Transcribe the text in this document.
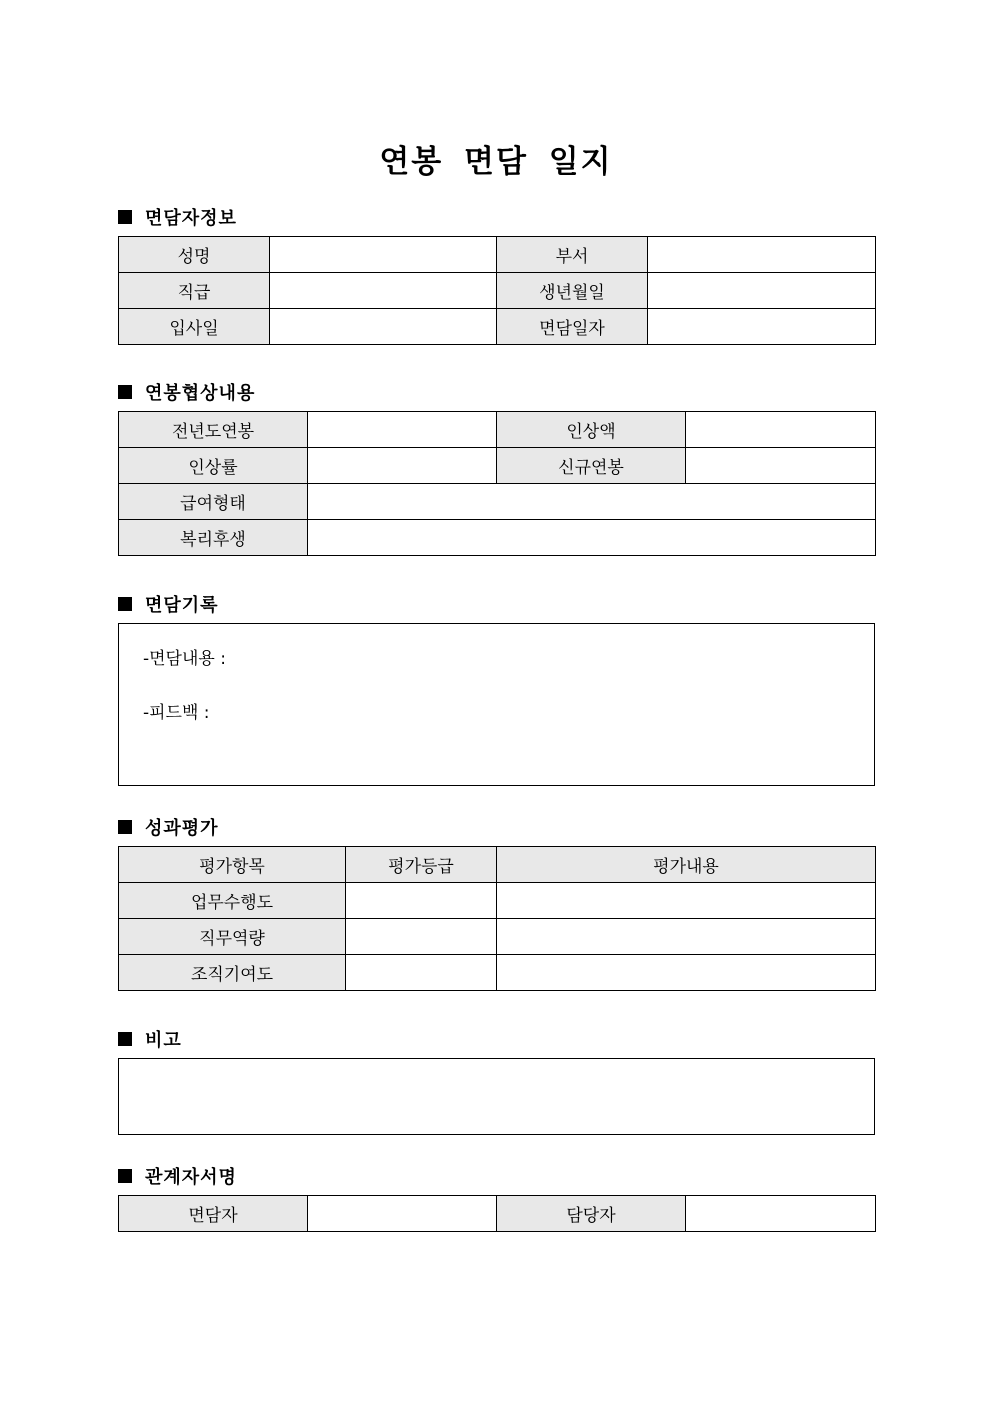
연봉 면담 일지
면담자정보
성명		부서	
직급		생년월일	
입사일		면담일자	
연봉협상내용
전년도연봉		인상액	
인상률		신규연봉	
급여형태			
복리후생			
면담기록
-면담내용 :
-피드백 :
성과평가
평가항목	평가등급	평가내용
업무수행도		
직무역량		
조직기여도		
비고
관계자서명
면담자		담당자	
